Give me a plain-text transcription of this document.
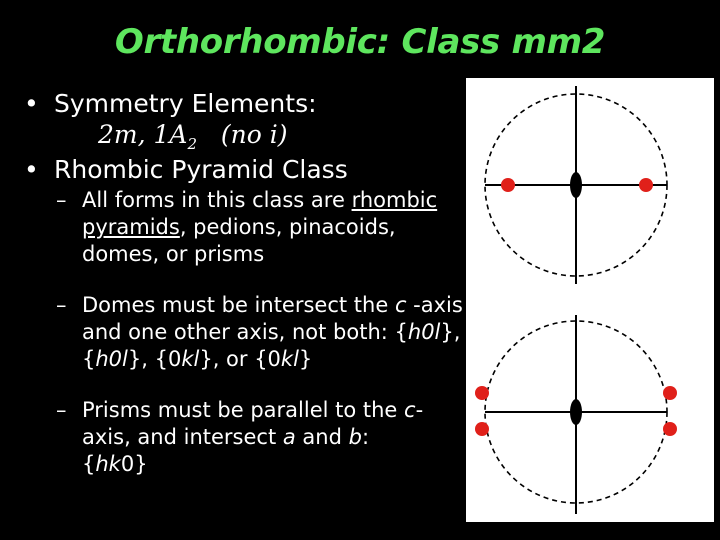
Orthorhombic: Class mm2
• Symmetry Elements:
2m, $1A_2$ (no i)
• Rhombic Pyramid Class
– All forms in this class are rhombic pyramids, pedions, pinacoids, domes, or prisms
– Domes must be intersect the c -axis and one other axis, not both: {h0l}, {h0l}, {0kl}, or {0kl}
– Prisms must be parallel to the c-axis, and intersect a and b:
{hk0}
